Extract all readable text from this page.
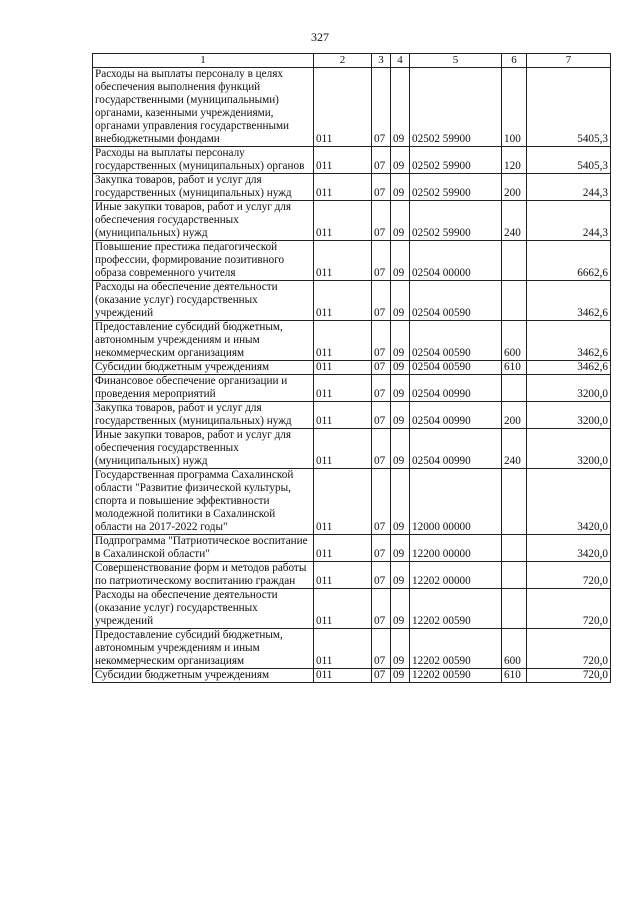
327
1	2	3	4	5	6	7
Расходы на выплаты персоналу в целях обеспечения выполнения функций государственными (муниципальными) органами, казенными учреждениями, органами управления государственными внебюджетными фондами	011	07	09	02502 59900	100	5405,3
Расходы на выплаты персоналу государственных (муниципальных) органов	011	07	09	02502 59900	120	5405,3
Закупка товаров, работ и услуг для государственных (муниципальных) нужд	011	07	09	02502 59900	200	244,3
Иные закупки товаров, работ и услуг для обеспечения государственных (муниципальных) нужд	011	07	09	02502 59900	240	244,3
Повышение престижа педагогической профессии, формирование позитивного образа современного учителя	011	07	09	02504 00000		6662,6
Расходы на обеспечение деятельности (оказание услуг) государственных учреждений	011	07	09	02504 00590		3462,6
Предоставление субсидий бюджетным, автономным учреждениям и иным некоммерческим организациям	011	07	09	02504 00590	600	3462,6
Субсидии бюджетным учреждениям	011	07	09	02504 00590	610	3462,6
Финансовое обеспечение организации и проведения мероприятий	011	07	09	02504 00990		3200,0
Закупка товаров, работ и услуг для государственных (муниципальных) нужд	011	07	09	02504 00990	200	3200,0
Иные закупки товаров, работ и услуг для обеспечения государственных (муниципальных) нужд	011	07	09	02504 00990	240	3200,0
Государственная программа Сахалинской области "Развитие физической культуры, спорта и повышение эффективности молодежной политики в Сахалинской области на 2017-2022 годы"	011	07	09	12000 00000		3420,0
Подпрограмма "Патриотическое воспитание в Сахалинской области"	011	07	09	12200 00000		3420,0
Совершенствование форм и методов работы по патриотическому воспитанию граждан	011	07	09	12202 00000		720,0
Расходы на обеспечение деятельности (оказание услуг) государственных учреждений	011	07	09	12202 00590		720,0
Предоставление субсидий бюджетным, автономным учреждениям и иным некоммерческим организациям	011	07	09	12202 00590	600	720,0
Субсидии бюджетным учреждениям	011	07	09	12202 00590	610	720,0
